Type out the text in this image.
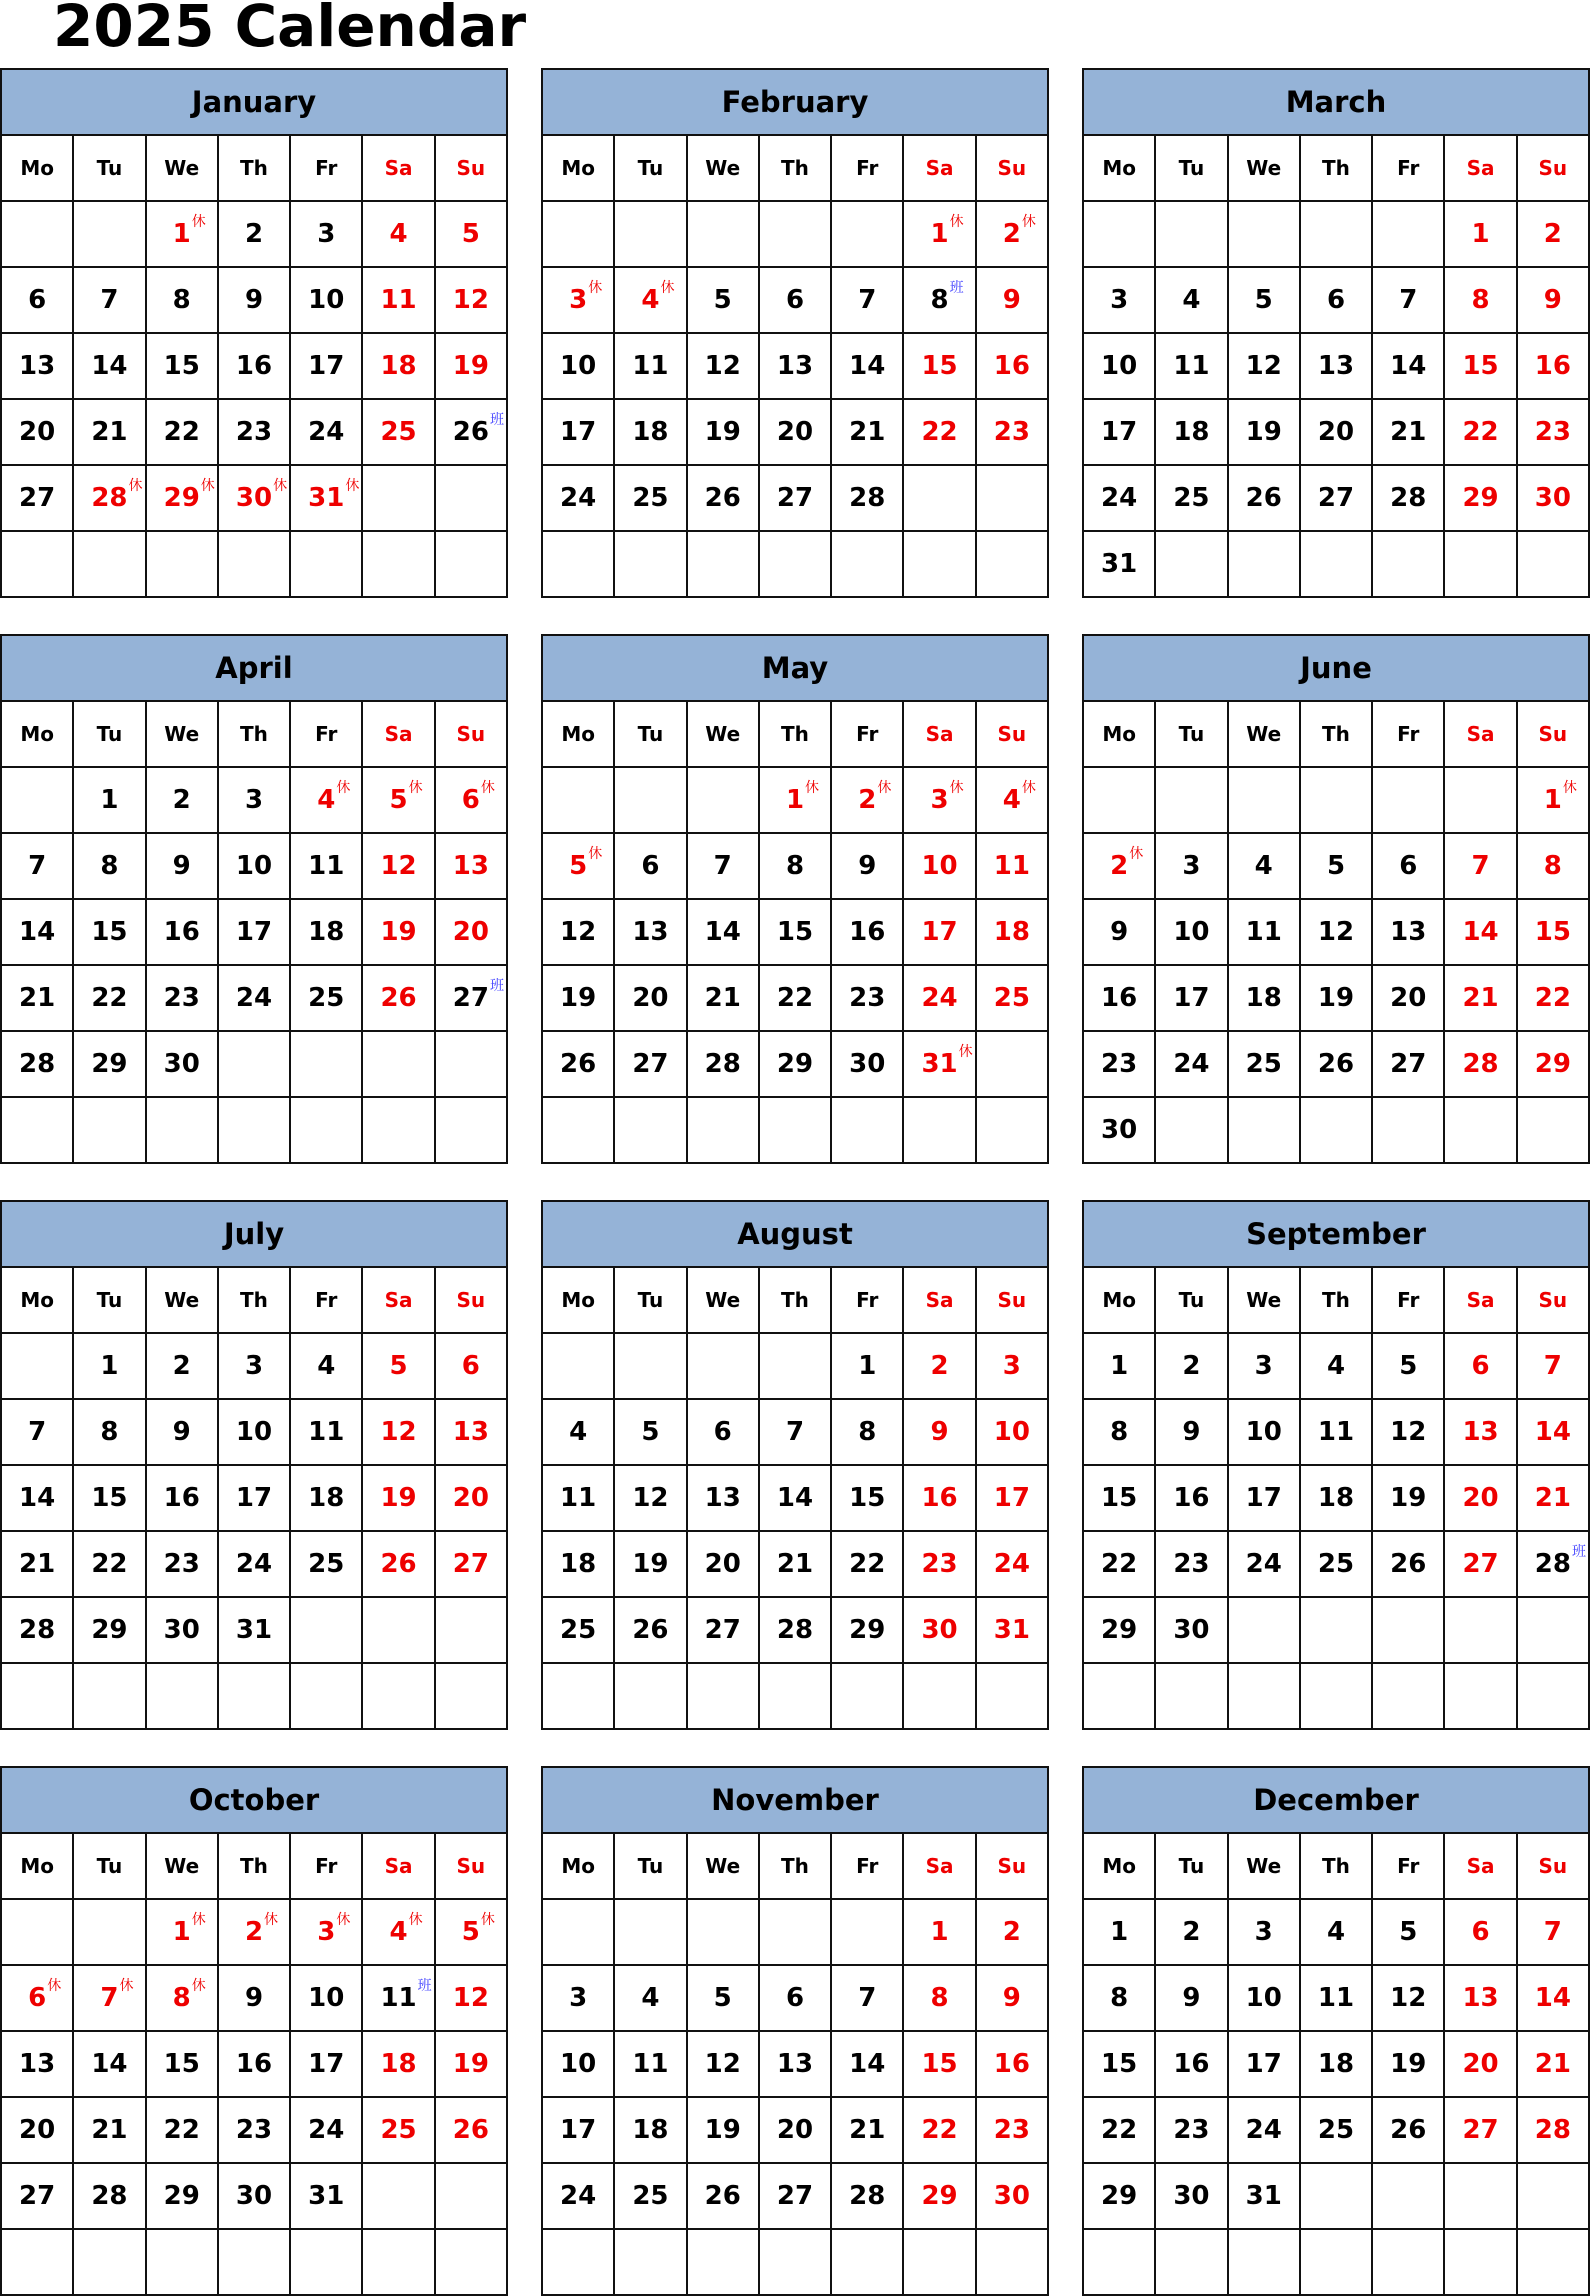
2025 Calendar
January						
Mo	Tu	We	Th	Fr	Sa	Su
		1 休	2	3	4	5
6	7	8	9	10	11	12
13	14	15	16	17	18	19
20	21	22	23	24	25	26 班

27	28 休	29 休	30 休	31 休		

February						
Mo	Tu	We	Th	Fr	Sa	Su
					1 休	2 休

3 休	4 休	5	6	7	8 班	9
10	11	12	13	14	15	16
17	18	19	20	21	22	23
24	25	26	27	28		

March						
Mo	Tu	We	Th	Fr	Sa	Su
					1	2
3	4	5	6	7	8	9
10	11	12	13	14	15	16
17	18	19	20	21	22	23
24	25	26	27	28	29	30
31						
April						
Mo	Tu	We	Th	Fr	Sa	Su
	1	2	3	4 休	5 休	6 休

7	8	9	10	11	12	13
14	15	16	17	18	19	20
21	22	23	24	25	26	27 班

28	29	30				

May						
Mo	Tu	We	Th	Fr	Sa	Su
			1 休	2 休	3 休	4 休

5 休	6	7	8	9	10	11
12	13	14	15	16	17	18
19	20	21	22	23	24	25
26	27	28	29	30	31 休	

June						
Mo	Tu	We	Th	Fr	Sa	Su
						1 休

2 休	3	4	5	6	7	8
9	10	11	12	13	14	15
16	17	18	19	20	21	22
23	24	25	26	27	28	29
30						
July						
Mo	Tu	We	Th	Fr	Sa	Su
	1	2	3	4	5	6
7	8	9	10	11	12	13
14	15	16	17	18	19	20
21	22	23	24	25	26	27
28	29	30	31			

August						
Mo	Tu	We	Th	Fr	Sa	Su
				1	2	3
4	5	6	7	8	9	10
11	12	13	14	15	16	17
18	19	20	21	22	23	24
25	26	27	28	29	30	31

September						
Mo	Tu	We	Th	Fr	Sa	Su
1	2	3	4	5	6	7
8	9	10	11	12	13	14
15	16	17	18	19	20	21
22	23	24	25	26	27	28 班

29	30					

October						
Mo	Tu	We	Th	Fr	Sa	Su
		1 休	2 休	3 休	4 休	5 休

6 休	7 休	8 休	9	10	11 班	12
13	14	15	16	17	18	19
20	21	22	23	24	25	26
27	28	29	30	31		

November						
Mo	Tu	We	Th	Fr	Sa	Su
					1	2
3	4	5	6	7	8	9
10	11	12	13	14	15	16
17	18	19	20	21	22	23
24	25	26	27	28	29	30

December						
Mo	Tu	We	Th	Fr	Sa	Su
1	2	3	4	5	6	7
8	9	10	11	12	13	14
15	16	17	18	19	20	21
22	23	24	25	26	27	28
29	30	31				
